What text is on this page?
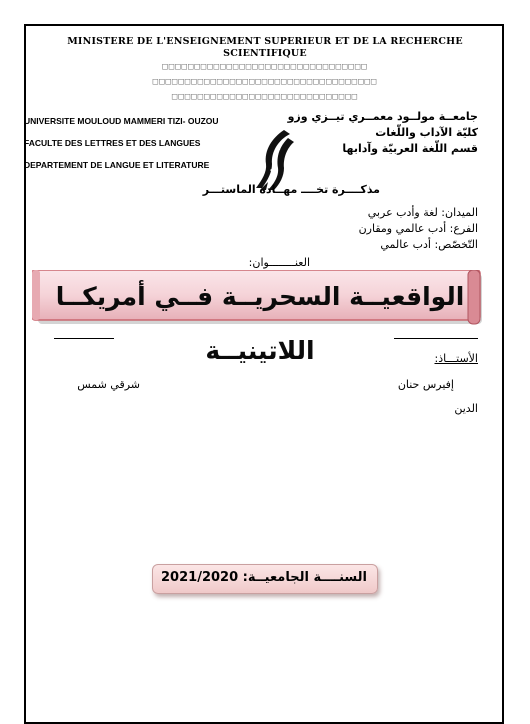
MINISTERE DE L'ENSEIGNEMENT SUPERIEUR ET DE LA RECHERCHE
SCIENTIFIQUE
□□□□□□□□□□□□□□□□□□□□□□□□□□□□□□□□
□□□□□□□□□□□□□□□□□□□□□□□□□□□□□□□□□□□
□□□□□□□□□□□□□□□□□□□□□□□□□□□□□
UNIVERSITE MOULOUD MAMMERI TIZI- OUZOU
FACULTE DES LETTRES ET DES LANGUES
DEPARTEMENT DE LANGUE ET LITERATURE
جامعــة مولــود معمــري تيــزي وزو
كليّة الآداب واللّغات
قسم اللّغة العربيّة وآدابها
مذكــــرة تخــــ مهــادة الماستـــر
الميدان: لغة وأدب عربي
الفرع: أدب عالمي ومقارن
التّخصّص: أدب عالمي
العنــــــــوان:
الواقعيــة السحريــة فــي أمريكــا اللاتينيــة	الأستـــاذ:
إفيرس حنان
شرقي شمس
الدين
السنــــة الجامعيــة: 2021/2020
